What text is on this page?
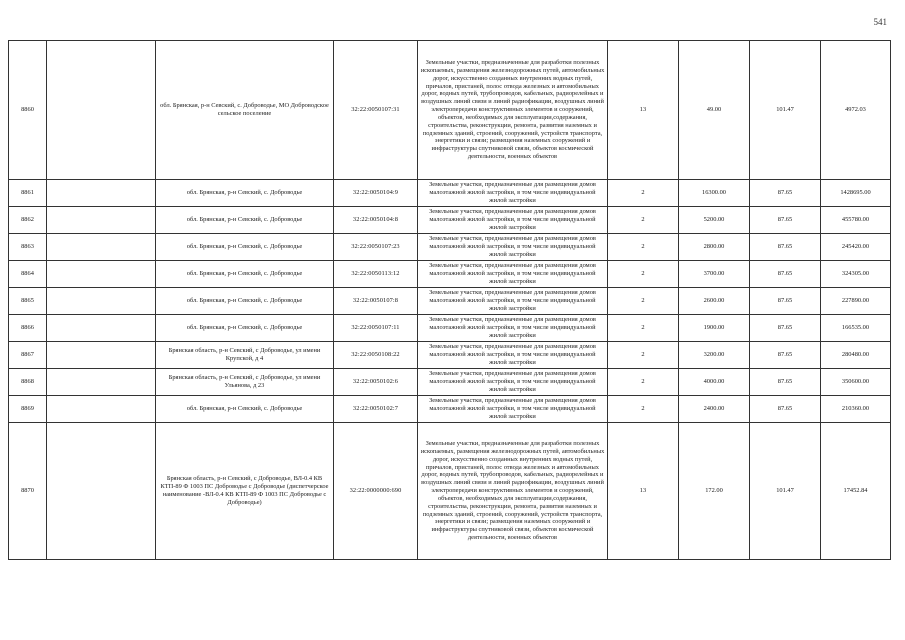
541
8860		обл. Брянская, р-н Севский, с. Доброводье, МО Доброводское сельское поселение	32:22:0050107:31	Земельные участки, предназначенные для разработки полезных ископаемых, размещения железнодорожных путей, автомобильных дорог, искусственно созданных внутренних водных путей, причалов, пристаней, полос отвода железных и автомобильных дорог, водных путей, трубопроводов, кабельных, радиорелейных и воздушных линий связи и линий радиофикации, воздушных линий электропередачи конструктивных элементов и сооружений, объектов, необходимых для эксплуатации,содержания, строительства, реконструкции, ремонта, развития наземных и подземных зданий, строений, сооружений, устройств транспорта, энергетики и связи; размещения наземных сооружений и инфраструктуры спутниковой связи, объектов космической деятельности, военных объектов	13	49.00	101.47	4972.03
8861		обл. Брянская, р-н Севский, с. Доброводье	32:22:0050104:9	Земельные участки, предназначенные для размещения домов малоэтажной жилой застройки, в том числе индивидуальной жилой застройки	2	16300.00	87.65	1428695.00
8862		обл. Брянская, р-н Севский, с. Доброводье	32:22:0050104:8	Земельные участки, предназначенные для размещения домов малоэтажной жилой застройки, в том числе индивидуальной жилой застройки	2	5200.00	87.65	455780.00
8863		обл. Брянская, р-н Севский, с. Доброводье	32:22:0050107:23	Земельные участки, предназначенные для размещения домов малоэтажной жилой застройки, в том числе индивидуальной жилой застройки	2	2800.00	87.65	245420.00
8864		обл. Брянская, р-н Севский, с. Доброводье	32:22:0050113:12	Земельные участки, предназначенные для размещения домов малоэтажной жилой застройки, в том числе индивидуальной жилой застройки	2	3700.00	87.65	324305.00
8865		обл. Брянская, р-н Севский, с. Доброводье	32:22:0050107:8	Земельные участки, предназначенные для размещения домов малоэтажной жилой застройки, в том числе индивидуальной жилой застройки	2	2600.00	87.65	227890.00
8866		обл. Брянская, р-н Севский, с. Доброводье	32:22:0050107:11	Земельные участки, предназначенные для размещения домов малоэтажной жилой застройки, в том числе индивидуальной жилой застройки	2	1900.00	87.65	166535.00
8867		Брянская область, р-н Севский, с Доброводье, ул имени Крупской, д 4	32:22:0050108:22	Земельные участки, предназначенные для размещения домов малоэтажной жилой застройки, в том числе индивидуальной жилой застройки	2	3200.00	87.65	280480.00
8868		Брянская область, р-н Севский, с Доброводье, ул имени Ульянова, д 23	32:22:0050102:6	Земельные участки, предназначенные для размещения домов малоэтажной жилой застройки, в том числе индивидуальной жилой застройки	2	4000.00	87.65	350600.00
8869		обл. Брянская, р-н Севский, с. Доброводье	32:22:0050102:7	Земельные участки, предназначенные для размещения домов малоэтажной жилой застройки, в том числе индивидуальной жилой застройки	2	2400.00	87.65	210360.00
8870		Брянская область, р-н Севский, с Доброводье, ВЛ-0.4 КВ КТП-89 Ф 1003 ПС Доброводье с Доброводье (диспетчерское наименование -ВЛ-0.4 КВ КТП-89 Ф 1003 ПС Доброводье с Доброводье)	32:22:0000000:690	Земельные участки, предназначенные для разработки полезных ископаемых, размещения железнодорожных путей, автомобильных дорог, искусственно созданных внутренних водных путей, причалов, пристаней, полос отвода железных и автомобильных дорог, водных путей, трубопроводов, кабельных, радиорелейных и воздушных линий связи и линий радиофикации, воздушных линий электропередачи конструктивных элементов и сооружений, объектов, необходимых для эксплуатации,содержания, строительства, реконструкции, ремонта, развития наземных и подземных зданий, строений, сооружений, устройств транспорта, энергетики и связи; размещения наземных сооружений и инфраструктуры спутниковой связи, объектов космической деятельности, военных объектов	13	172.00	101.47	17452.84
